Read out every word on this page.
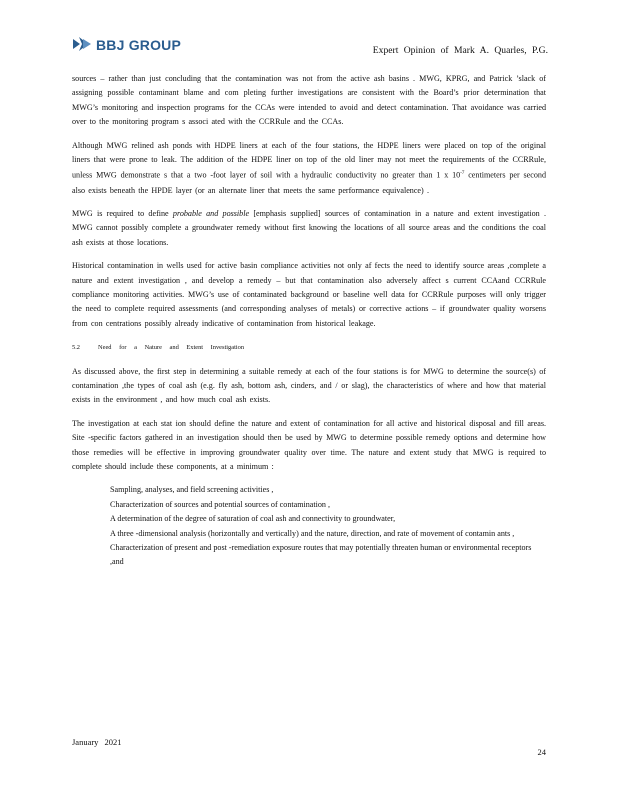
BBJ GROUP	Expert Opinion of Mark A. Quarles, P.G.

sources – rather than just concluding that the contamination was not from the active ash basins . MWG, KPRG, and Patrick ’slack of assigning possible contaminant blame and com pleting further investigations are consistent with the Board’s prior determination that MWG’s monitoring and inspection programs for the CCAs were intended to avoid and detect contamination. That avoidance was carried over to the monitoring program s associ ated with the CCRRule and the CCAs.

Although MWG relined ash ponds with HDPE liners at each of the four stations, the HDPE liners were placed on top of the original liners that were prone to leak. The addition of the HDPE liner on top of the old liner may not meet the requirements of the CCRRule, unless MWG demonstrate s that a two -foot layer of soil with a hydraulic conductivity no greater than 1 x $10^{-7}$ centimeters per second also exists beneath the HPDE layer (or an alternate liner that meets the same performance equivalence) .

MWG is required to define probable and possible [emphasis supplied] sources of contamination in a nature and extent investigation . MWG cannot possibly complete a groundwater remedy without first knowing the locations of all source areas and the conditions the coal ash exists at those locations.

Historical contamination in wells used for active basin compliance activities not only af fects the need to identify source areas ,complete a nature and extent investigation , and develop a remedy – but that contamination also adversely affect s current CCAand CCRRule compliance monitoring activities. MWG’s use of contaminated background or baseline well data for CCRRule purposes will only trigger the need to complete required assessments (and corresponding analyses of metals) or corrective actions – if groundwater quality worsens from con centrations possibly already indicative of contamination from historical leakage.

5.2	Need for a Nature and Extent Investigation

As discussed above, the first step in determining a suitable remedy at each of the four stations is for MWG to determine the source(s) of contamination ,the types of coal ash (e.g. fly ash, bottom ash, cinders, and / or slag), the characteristics of where and how that material exists in the environment , and how much coal ash exists.

The investigation at each stat ion should define the nature and extent of contamination for all active and historical disposal and fill areas. Site -specific factors gathered in an investigation should then be used by MWG to determine possible remedy options and determine how those remedies will be effective in improving groundwater quality over time. The nature and extent study that MWG is required to complete should include these components, at a minimum :

Sampling, analyses, and field screening activities ,
Characterization of sources and potential sources of contamination ,
A determination of the degree of saturation of coal ash and connectivity to groundwater,
A three -dimensional analysis (horizontally and vertically) and the nature, direction, and rate of movement of contamin ants ,
Characterization of present and post -remediation exposure routes that may potentially threaten human or environmental receptors ,and
January 2021
24
